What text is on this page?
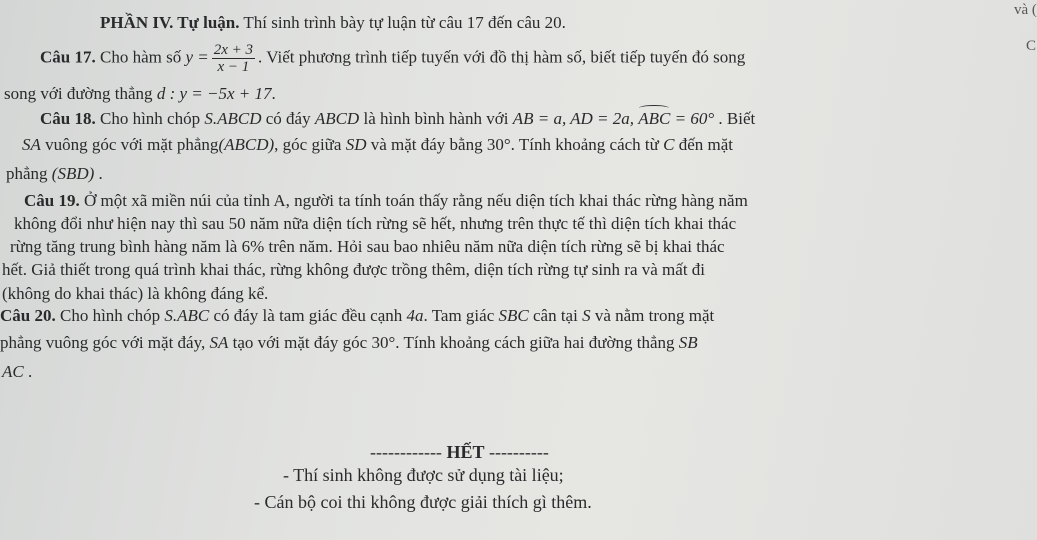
và (
C
PHẦN IV. Tự luận. Thí sinh trình bày tự luận từ câu 17 đến câu 20.
Câu 17. Cho hàm số $y = \frac{2x + 3}{x - 1}$ . Viết phương trình tiếp tuyến với đồ thị hàm số, biết tiếp tuyến đó song
song với đường thẳng d : y = −5x + 17.
Câu 18. Cho hình chóp S.ABCD có đáy ABCD là hình bình hành với AB = a, AD = 2a, ABC = 60° . Biết
SA vuông góc với mặt phẳng(ABCD), góc giữa SD và mặt đáy bằng 30°. Tính khoảng cách từ C đến mặt
phẳng (SBD) .
Câu 19. Ở một xã miền núi của tỉnh A, người ta tính toán thấy rằng nếu diện tích khai thác rừng hàng năm
không đổi như hiện nay thì sau 50 năm nữa diện tích rừng sẽ hết, nhưng trên thực tế thì diện tích khai thác
rừng tăng trung bình hàng năm là 6% trên năm. Hỏi sau bao nhiêu năm nữa diện tích rừng sẽ bị khai thác
hết. Giả thiết trong quá trình khai thác, rừng không được trồng thêm, diện tích rừng tự sinh ra và mất đi
(không do khai thác) là không đáng kể.
Câu 20. Cho hình chóp S.ABC có đáy là tam giác đều cạnh 4a. Tam giác SBC cân tại S và nằm trong mặt
phẳng vuông góc với mặt đáy, SA tạo với mặt đáy góc 30°. Tính khoảng cách giữa hai đường thẳng SB
AC .
------------ HẾT ----------
- Thí sinh không được sử dụng tài liệu;
- Cán bộ coi thi không được giải thích gì thêm.
